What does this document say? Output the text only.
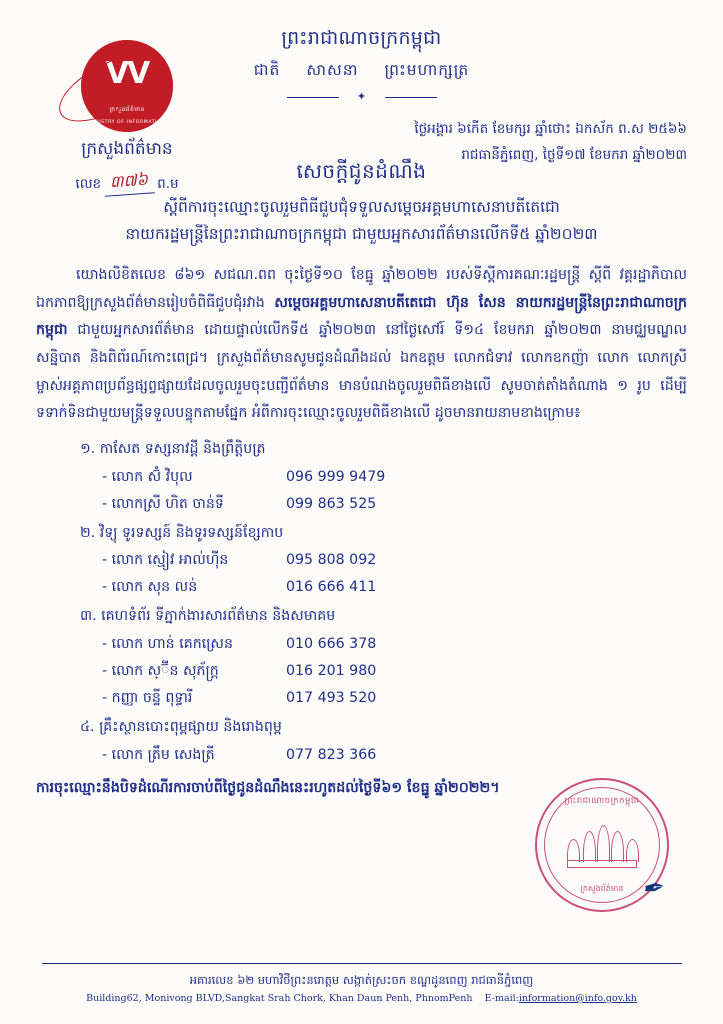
ᐯᐯ
ក្រសួងព័ត៌មាន
MINISTRY OF INFORMATION
ក្រសួងព័ត៌មាន
លេខ ៣៧៦ ព.ម
ព្រះរាជាណាចក្រកម្ពុជា
ជាតិ សាសនា ព្រះមហាក្សត្រ
✦
ថ្ងៃអង្គារ ៦កើត ខែមក្សរ ឆ្នាំថោះ ឯកស័ក ព.ស ២៥៦៦
រាជធានីភ្នំពេញ, ថ្ងៃទី១៧ ខែមករា ឆ្នាំ២០២៣
សេចក្តីជូនដំណឹង
ស្តីពីការចុះឈ្មោះចូលរួមពិធីជួបជុំទទួលសម្តេចអគ្គមហាសេនាបតីតេជោ
នាយករដ្ឋមន្ត្រីនៃព្រះរាជាណាចក្រកម្ពុជា ជាមួយអ្នកសារព័ត៌មានលើកទី៥ ឆ្នាំ២០២៣

យោងលិខិតលេខ ៨៦១ សជណ.ពព ចុះថ្ងៃទី១០ ខែធ្នូ ឆ្នាំ២០២២ របស់ទីស្តីការគណៈរដ្ឋមន្ត្រី ស្តីពី វគ្គរដ្ឋាភិបាលឯកភាពឱ្យក្រសួងព័ត៌មានរៀបចំពិធីជួបជុំរវាង សម្តេចអគ្គមហាសេនាបតីតេជោ ហ៊ុន សែន នាយករដ្ឋមន្ត្រីនៃព្រះរាជាណាចក្រកម្ពុជា ជាមួយអ្នកសារព័ត៌មាន ដោយផ្ទាល់លើកទី៥ ឆ្នាំ២០២៣ នៅថ្ងៃសៅរ៍ ទី១៤ ខែមករា ឆ្នាំ២០២៣ នាមជ្ឈមណ្ឌលសន្និបាត និងពិព័រណ៍កោះពេជ្រ។ ក្រសួងព័ត៌មានសូមជូនដំណឹងដល់ ឯកឧត្តម លោកជំទាវ លោកឧកញ៉ា លោក លោកស្រី ម្ចាស់អគ្គភាពប្រព័ន្ធផ្សព្វផ្សាយដែលចូលរួមចុះបញ្ជីព័ត៌មាន មានបំណងចូលរួមពិធីខាងលើ សូមចាត់តាំងតំណាង ១ រូប ដើម្បីទទាក់ទិនជាមួយមន្ត្រីទទួលបន្ទុកតាមផ្នែក អំពីការចុះឈ្មោះចូលរួមពិធីខាងលើ ដូចមានរាយនាមខាងក្រោម៖

១. កាសែត ទស្សនាវដ្តី និងព្រឹត្តិបត្រ
- លោក ស៊ំ វិបុល	096 999 9479
- លោកស្រី ហិត ចាន់ទី	099 863 525
២. វិទ្យុ ទូរទស្សន៍ និងទូរទស្សន៍ខ្សែកាប
- លោក ស្មៀវ អាល់ហ៊ីន	095 808 092
- លោក សុន លន់	016 666 411
៣. គេហទំព័រ ទីភ្នាក់ងារសារព័ត៌មាន និងសមាគម
- លោក ហាន់ គេកស្រេន	010 666 378
- លោក ស្៊ីន សុភ័ក្ត្រ	016 201 980
- កញ្ញា ចន្ទី ពុទ្ធារី	017 493 520
៤. គ្រឹះស្ថានបោះពុម្ពផ្សាយ និងរោងពុម្ព
- លោក ត្រឹម សេងត្រី	077 823 366
ការចុះឈ្មោះនឹងបិទដំណើរការចាប់ពីថ្ងៃជូនដំណឹងនេះរហូតដល់ថ្ងៃទី៦១ ខែធ្នូ ឆ្នាំ២០២២។
ព្រះរាជាណាចក្រកម្ពុជា
ក្រសួងព័ត៌មាន ✒
អគារលេខ ៦២ មហាវិថីព្រះនរោត្តម សង្កាត់ស្រះចក ខណ្ឌដូនពេញ រាជធានីភ្នំពេញ
Building62, Monivong BLVD,Sangkat Srah Chork, Khan Daun Penh, PhnomPenh E-mail:information@info.gov.kh
